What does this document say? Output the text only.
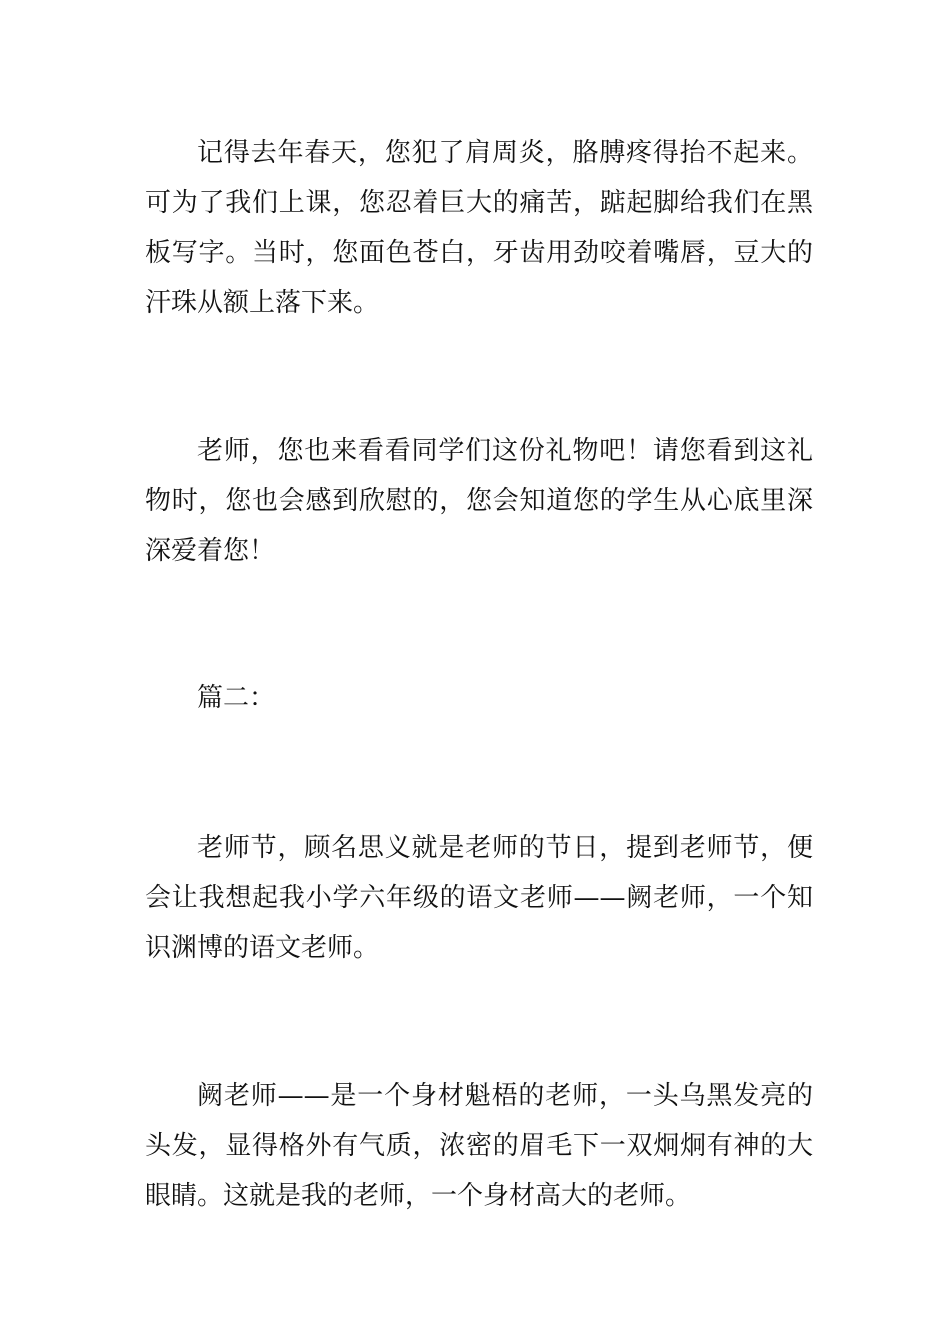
记得去年春天，您犯了肩周炎，胳膊疼得抬不起来。可为了我们上课，您忍着巨大的痛苦，踮起脚给我们在黑板写字。当时，您面色苍白，牙齿用劲咬着嘴唇，豆大的汗珠从额上落下来。

老师，您也来看看同学们这份礼物吧！请您看到这礼物时，您也会感到欣慰的，您会知道您的学生从心底里深深爱着您！

篇二：

老师节，顾名思义就是老师的节日，提到老师节，便会让我想起我小学六年级的语文老师——阙老师，一个知识渊博的语文老师。

阙老师——是一个身材魁梧的老师，一头乌黑发亮的头发，显得格外有气质，浓密的眉毛下一双炯炯有神的大眼睛。这就是我的老师，一个身材高大的老师。
